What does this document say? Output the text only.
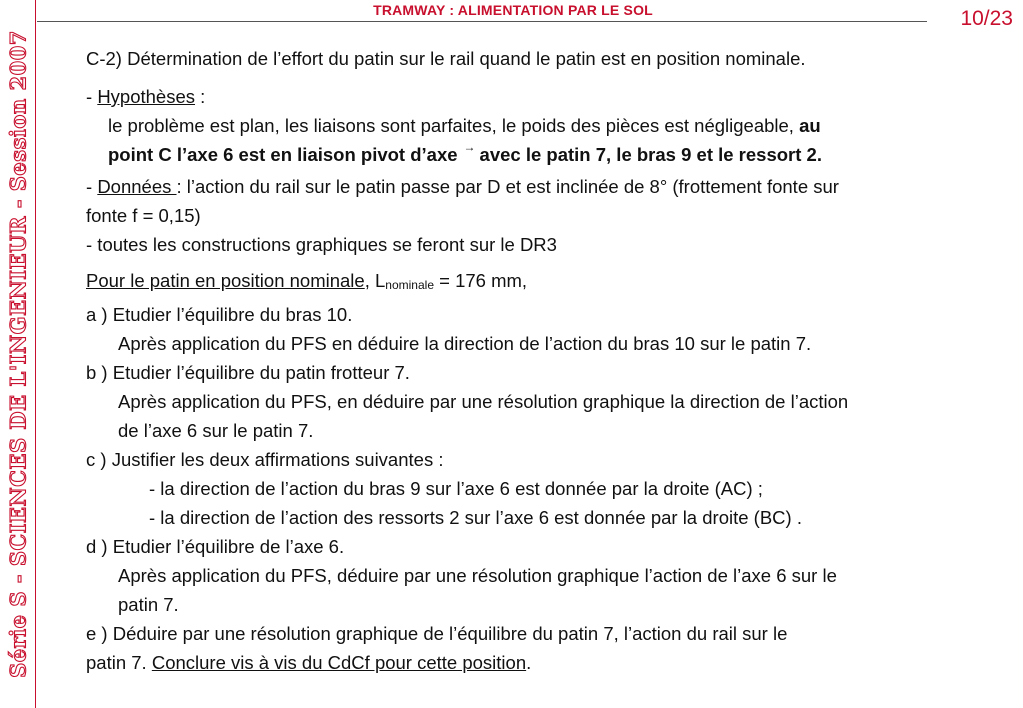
Série S - SCIENCES DE L'INGENIEUR - Session 2007
TRAMWAY : ALIMENTATION PAR LE SOL	10/23

C-2) Détermination de l’effort du patin sur le rail quand le patin est en position nominale.

- Hypothèses :

le problème est plan, les liaisons sont parfaites, le poids des pièces est négligeable, au

point C l’axe 6 est en liaison pivot d’axe → avec le patin 7, le bras 9 et le ressort 2.

- Données : l’action du rail sur le patin passe par D et est inclinée de 8° (frottement fonte sur

fonte f = 0,15)

- toutes les constructions graphiques se feront sur le DR3

Pour le patin en position nominale, $L_{nominale} = 176$ mm,

a ) Etudier l’équilibre du bras 10.

Après application du PFS en déduire la direction de l’action du bras 10 sur le patin 7.

b ) Etudier l’équilibre du patin frotteur 7.

Après application du PFS, en déduire par une résolution graphique la direction de l’action

de l’axe 6 sur le patin 7.

c ) Justifier les deux affirmations suivantes :

- la direction de l’action du bras 9 sur l’axe 6 est donnée par la droite (AC) ;

- la direction de l’action des ressorts 2 sur l’axe 6 est donnée par la droite (BC) .

d ) Etudier l’équilibre de l’axe 6.

Après application du PFS, déduire par une résolution graphique l’action de l’axe 6 sur le

patin 7.

e ) Déduire par une résolution graphique de l’équilibre du patin 7, l’action du rail sur le

patin 7. Conclure vis à vis du CdCf pour cette position.
